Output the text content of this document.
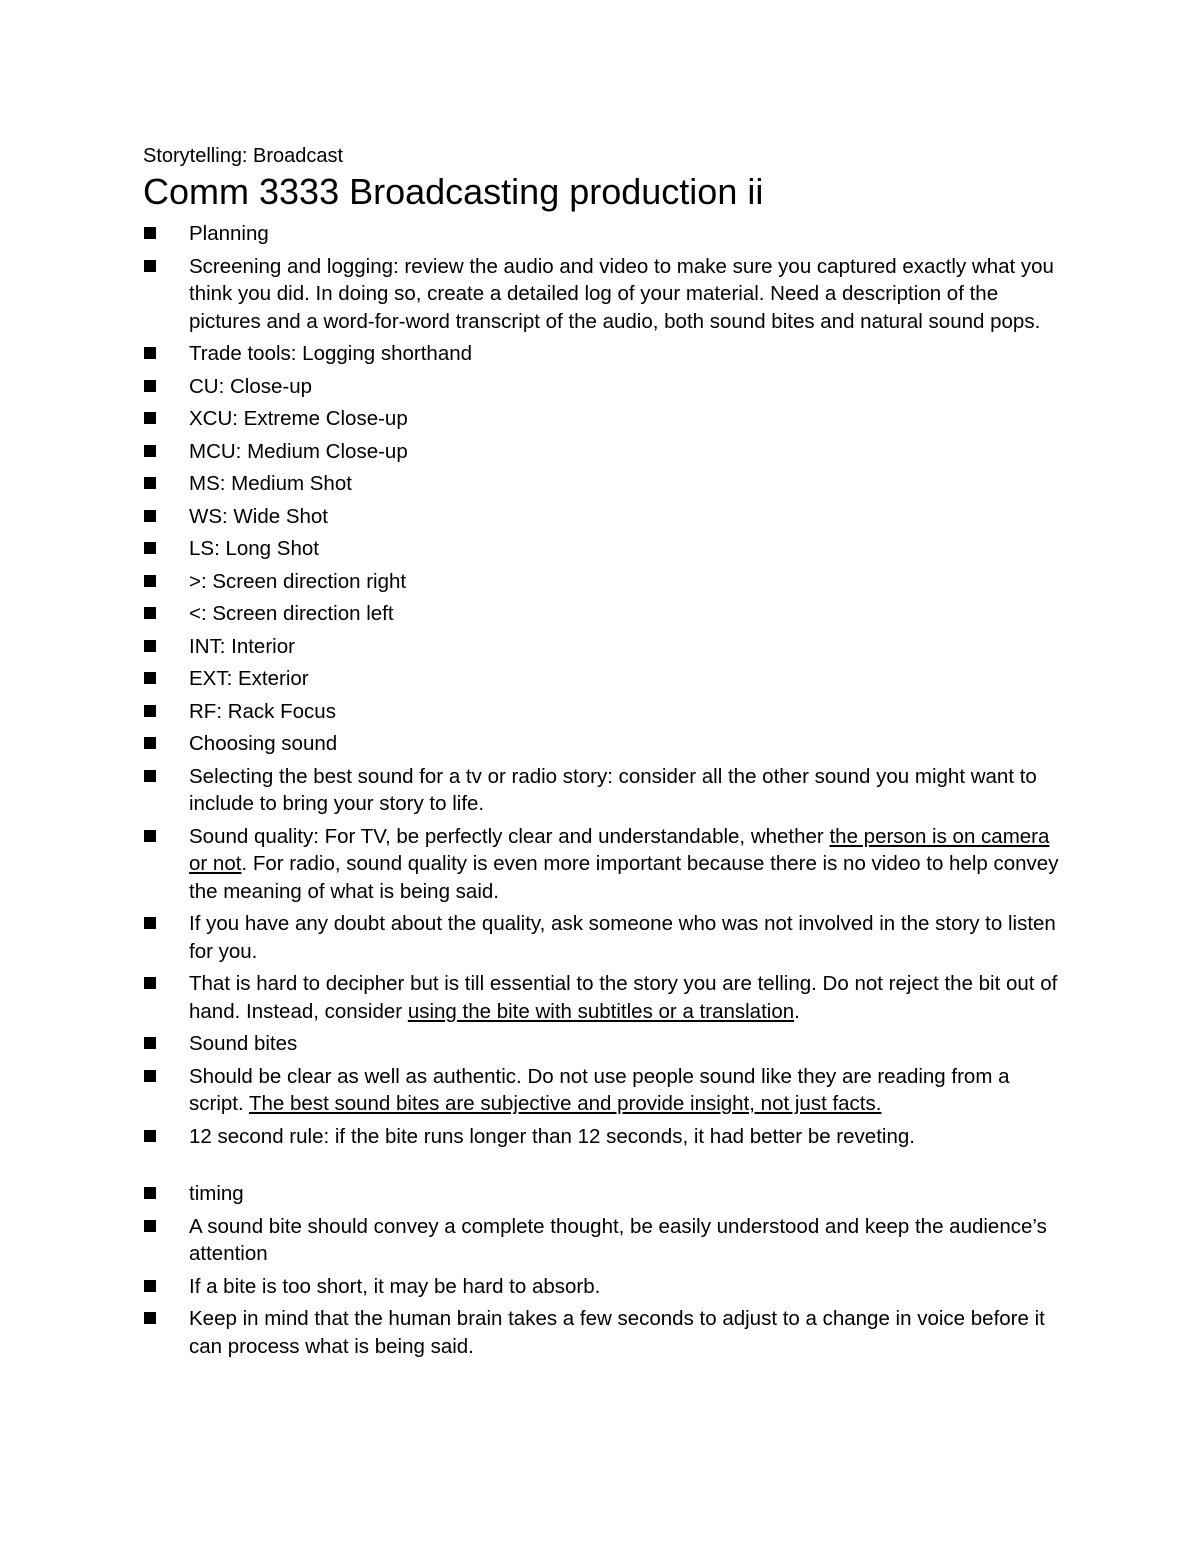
Storytelling: Broadcast

Comm 3333 Broadcasting production ii
Planning
Screening and logging: review the audio and video to make sure you captured exactly what you think you did. In doing so, create a detailed log of your material. Need a description of the pictures and a word-for-word transcript of the audio, both sound bites and natural sound pops.
Trade tools: Logging shorthand
CU: Close-up
XCU: Extreme Close-up
MCU: Medium Close-up
MS: Medium Shot
WS: Wide Shot
LS: Long Shot
>: Screen direction right
<: Screen direction left
INT: Interior
EXT: Exterior
RF: Rack Focus
Choosing sound
Selecting the best sound for a tv or radio story: consider all the other sound you might want to include to bring your story to life.
Sound quality: For TV, be perfectly clear and understandable, whether the person is on camera or not. For radio, sound quality is even more important because there is no video to help convey the meaning of what is being said.
If you have any doubt about the quality, ask someone who was not involved in the story to listen for you.
That is hard to decipher but is till essential to the story you are telling. Do not reject the bit out of hand. Instead, consider using the bite with subtitles or a translation.
Sound bites
Should be clear as well as authentic. Do not use people sound like they are reading from a script. The best sound bites are subjective and provide insight, not just facts.
12 second rule: if the bite runs longer than 12 seconds, it had better be reveting.
timing
A sound bite should convey a complete thought, be easily understood and keep the audience’s attention
If a bite is too short, it may be hard to absorb.
Keep in mind that the human brain takes a few seconds to adjust to a change in voice before it can process what is being said.
